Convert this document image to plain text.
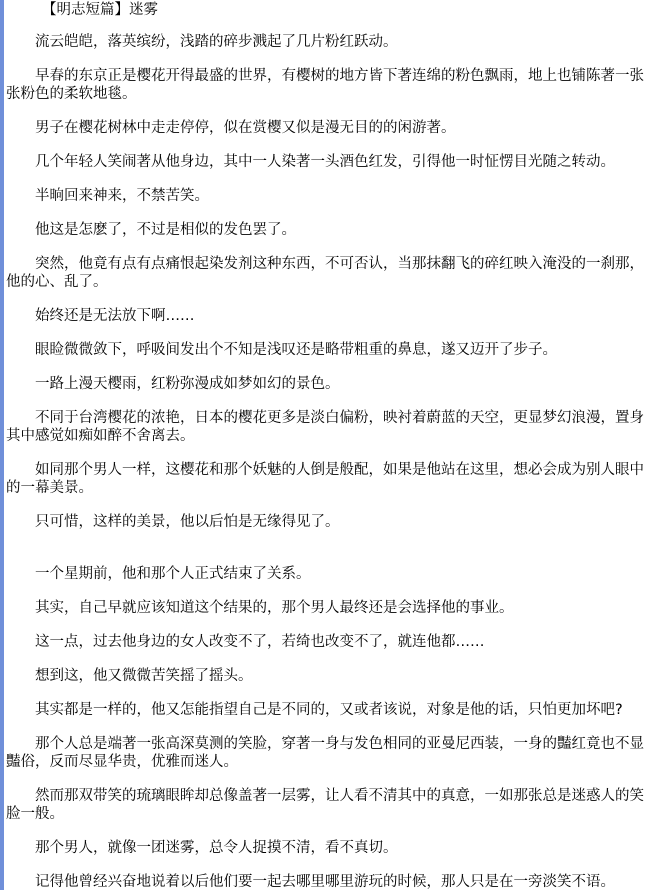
【明志短篇】迷雾

流云皑皑，落英缤纷，浅踏的碎步溅起了几片粉红跃动。

早春的东京正是樱花开得最盛的世界，有樱树的地方皆下著连绵的粉色飘雨，地上也铺陈著一张张粉色的柔软地毯。

男子在樱花树林中走走停停，似在赏樱又似是漫无目的的闲游著。

几个年轻人笑闹著从他身边，其中一人染著一头酒色红发，引得他一时怔愣目光随之转动。

半晌回来神来，不禁苦笑。

他这是怎麽了，不过是相似的发色罢了。

突然，他竟有点有点痛恨起染发剂这种东西，不可否认，当那抹翻飞的碎红映入淹没的一刹那，他的心、乱了。

始终还是无法放下啊……

眼睑微微敛下，呼吸间发出个不知是浅叹还是略带粗重的鼻息，遂又迈开了步子。

一路上漫天樱雨，红粉弥漫成如梦如幻的景色。

不同于台湾樱花的浓艳，日本的樱花更多是淡白偏粉，映衬着蔚蓝的天空，更显梦幻浪漫，置身其中感觉如痴如醉不舍离去。

如同那个男人一样，这樱花和那个妖魅的人倒是般配，如果是他站在这里，想必会成为别人眼中的一幕美景。

只可惜，这样的美景，他以后怕是无缘得见了。

一个星期前，他和那个人正式结束了关系。

其实，自己早就应该知道这个结果的，那个男人最终还是会选择他的事业。

这一点，过去他身边的女人改变不了，若绮也改变不了，就连他都……

想到这，他又微微苦笑摇了摇头。

其实都是一样的，他又怎能指望自己是不同的，又或者该说，对象是他的话，只怕更加坏吧?

那个人总是端著一张高深莫测的笑脸，穿著一身与发色相同的亚曼尼西装，一身的豔红竟也不显豔俗，反而尽显华贵，优雅而迷人。

然而那双带笑的琉璃眼眸却总像盖著一层雾，让人看不清其中的真意，一如那张总是迷惑人的笑脸一般。

那个男人，就像一团迷雾，总令人捉摸不清，看不真切。

记得他曾经兴奋地说着以后他们要一起去哪里哪里游玩的时候，那人只是在一旁淡笑不语。
